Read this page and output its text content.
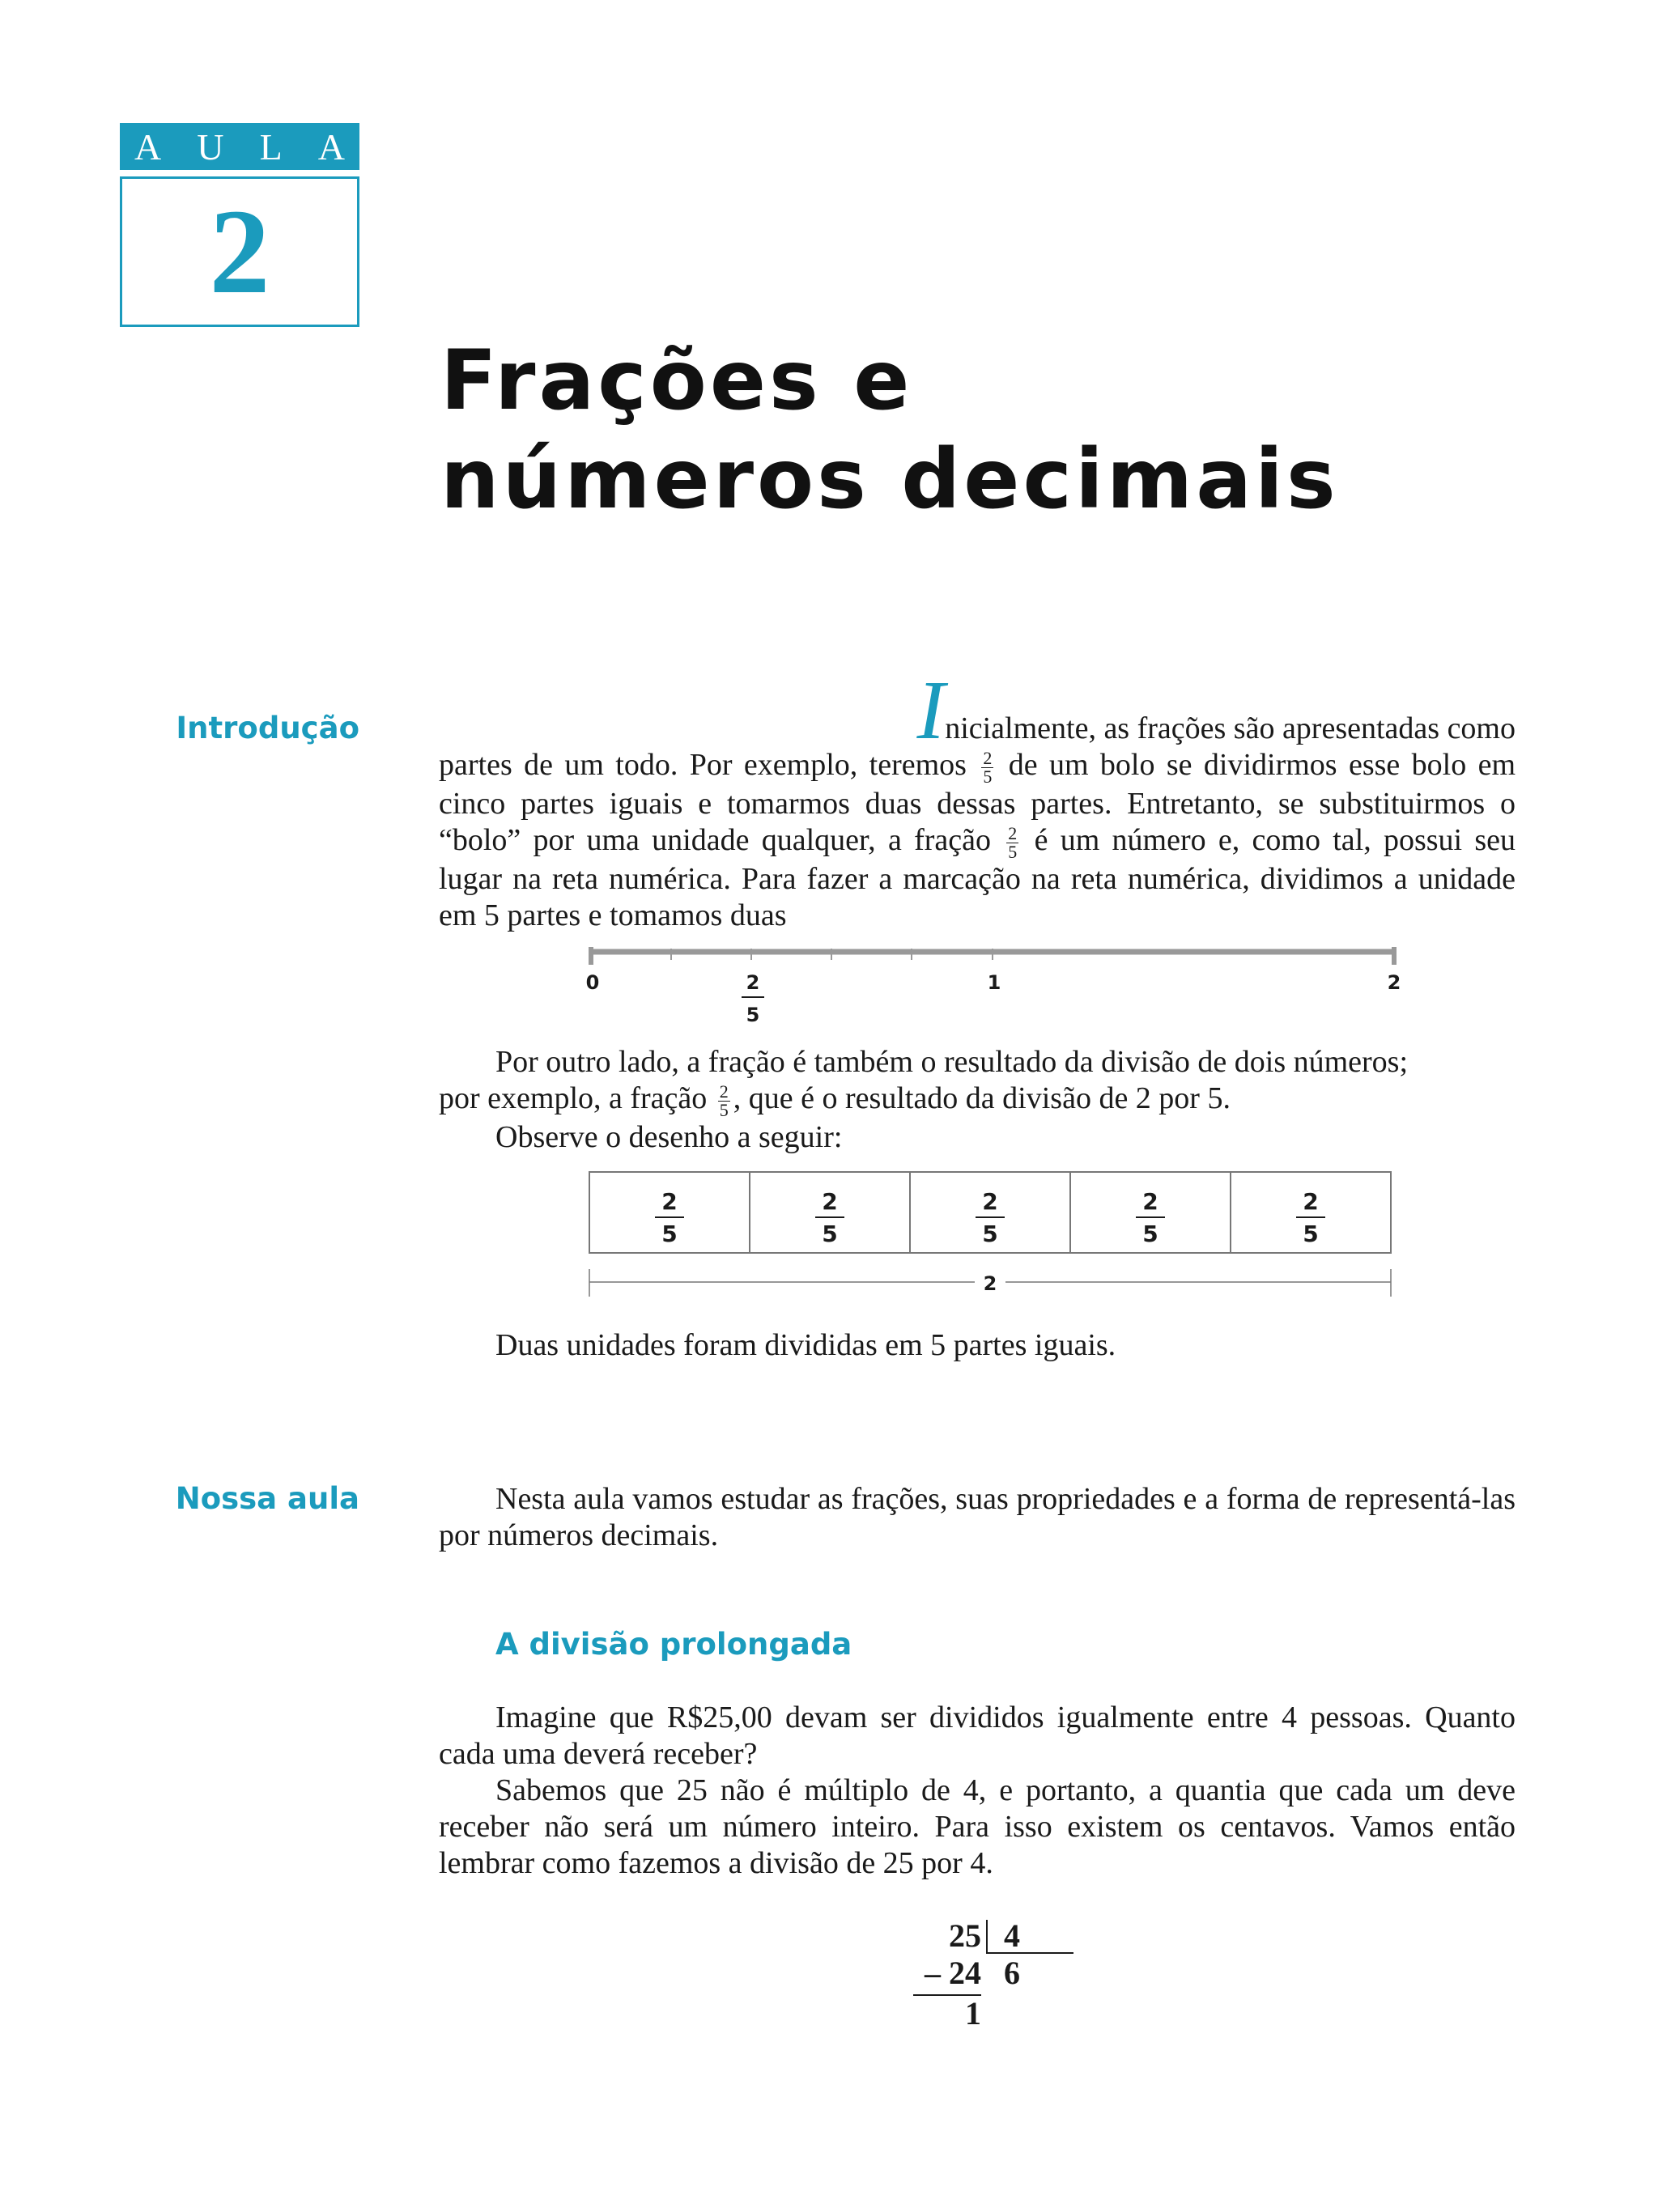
A U L A
2
Frações e
números decimais
Introdução	Inicialmente, as frações são apresentadas como

partes de um todo. Por exemplo, teremos $\frac{2}{5}$ de um bolo se dividirmos esse bolo em cinco partes iguais e tomarmos duas dessas partes. Entretanto, se substituirmos o “bolo” por uma unidade qualquer, a fração $\frac{2}{5}$ é um número e, como tal, possui seu lugar na reta numérica. Para fazer a marcação na reta numérica, dividimos a unidade em 5 partes e tomamos duas

0	2
5
1	2

Por outro lado, a fração é também o resultado da divisão de dois números;

por exemplo, a fração $\frac{2}{5}$ , que é o resultado da divisão de 2 por 5.

Observe o desenho a seguir:

2
5
2
5
2
5
2
5
2
5
2

Duas unidades foram divididas em 5 partes iguais.

Nossa aula	Nesta aula vamos estudar as frações, suas propriedades e a forma de representá-las por números decimais.

A divisão prolongada

Imagine que R$25,00 devam ser divididos igualmente entre 4 pessoas. Quanto cada uma deverá receber?

Sabemos que 25 não é múltiplo de 4, e portanto, a quantia que cada um deve receber não será um número inteiro. Para isso existem os centavos. Vamos então lembrar como fazemos a divisão de 25 por 4.

25 4
– 24 6
1
